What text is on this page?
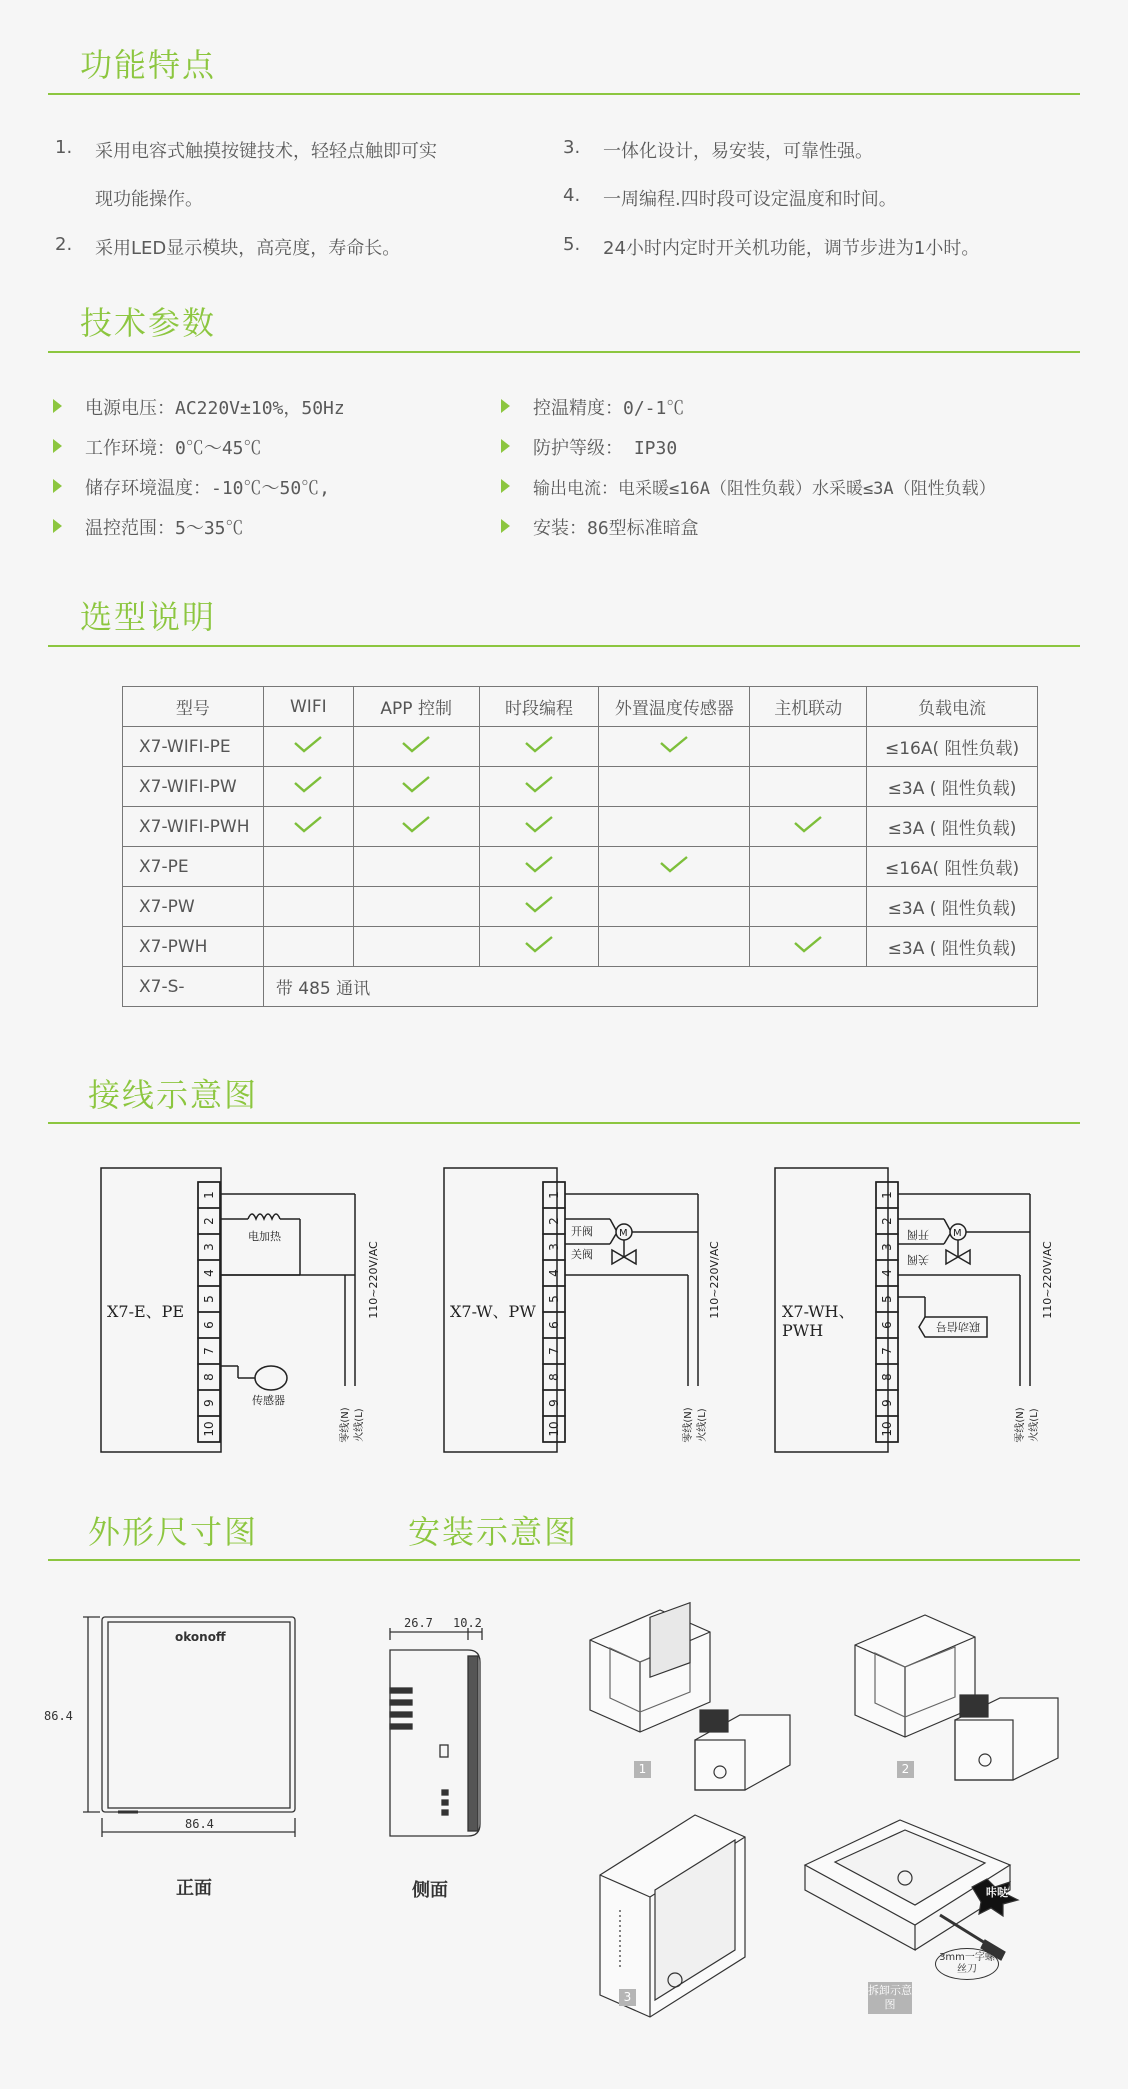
功能特点
1. 采用电容式触摸按键技术，轻轻点触即可实
现功能操作。
2. 采用LED显示模块，高亮度，寿命长。
3. 一体化设计，易安装，可靠性强。
4. 一周编程.四时段可设定温度和时间。
5. 24小时内定时开关机功能，调节步进为1小时。
技术参数
电源电压：AC220V±10%，50Hz
工作环境：0℃～45℃
储存环境温度：-10℃～50℃,
温控范围：5～35℃
控温精度：0/-1℃
防护等级： IP30
输出电流：电采暖≤16A（阻性负载）水采暖≤3A（阻性负载）
安装：86型标准暗盒
选型说明
型号	WIFI	APP 控制	时段编程	外置温度传感器	主机联动	负载电流
X7-WIFI-PE						≤16A( 阻性负载)
X7-WIFI-PW						≤3A ( 阻性负载)
X7-WIFI-PWH						≤3A ( 阻性负载)
X7-PE						≤16A( 阻性负载)
X7-PW						≤3A ( 阻性负载)
X7-PWH						≤3A ( 阻性负载)
X7-S-	带 485 通讯					
接线示意图
1
2
3
4
5
6
7
8
9
10
X7-E、PE
电加热
传感器
110~220V/AC
零线(N) 火线(L)
1
2
3
4
5
6
7
8
9
10
M
X7-W、PW
开阀
关阀	110~220V/AC
零线(N) 火线(L)
1
2
3
4
5
6
7
8
9
10
M
X7-WH、
PWH
开阀
关阀
联动信号
110~220V/AC
零线(N) 火线(L)
外形尺寸图	安装示意图
okonoff
86.4
86.4
26.7 10.2
正面	侧面
1	2
3	拆卸示意图
咔哒
3mm一字螺丝刀
